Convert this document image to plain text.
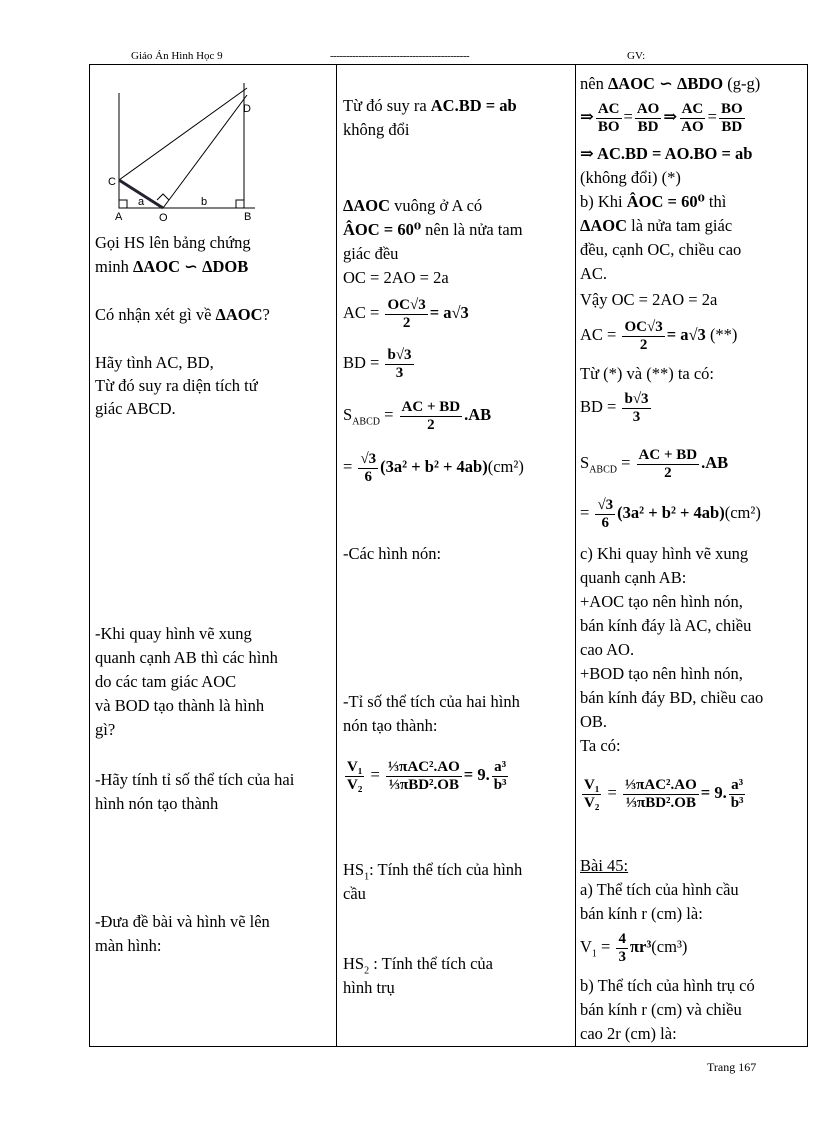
Giáo Án Hình Học 9	--------------------------------------------	GV:
C
D
A	O	B
a	b
Gọi HS lên bảng chứng
minh ΔAOC ∽ ΔDOB
Có nhận xét gì về ΔAOC?
Hãy tình AC, BD,
Từ đó suy ra diện tích tứ
giác ABCD.
-Khi quay hình vẽ xung
quanh cạnh AB thì các hình
do các tam giác AOC
và BOD tạo thành là hình
gì?
-Hãy tính tỉ số thể tích của hai
hình nón tạo thành
-Đưa đề bài và hình vẽ lên
màn hình:
Từ đó suy ra AC.BD = ab
không đổi
ΔAOC vuông ở A có
ÂOC = 60⁰ nên là nửa tam
giác đều
OC = 2AO = 2a
AC = $\frac{OC√3}{2} = a√3$
BD = $\frac{b√3}{3}$
$S_{ABCD} = \frac{AC + BD}{2} .AB$
= $\frac{√3}{6} (3a^2 + b^2 + 4ab)(cm^2)$
-Các hình nón:
-Tỉ số thể tích của hai hình
nón tạo thành:
$\frac{\text{V₁}}{\text{V₂}} = \frac{\text{⅓πAC².AO}}{\text{⅓πBD².OB}} = 9$. $\frac{\text{a³}}{\text{b³}}$
$HS_1$: Tính thể tích của hình
cầu
$HS_2$ : Tính thể tích của
hình trụ
nên ΔAOC ∽ ΔBDO (g-g)
⇒ $\frac{AC}{BO} = \frac{AO}{BD}$ ⇒ $\frac{AC}{AO} = \frac{BO}{BD}$
⇒ AC.BD = AO.BO = ab
(không đổi) (*)
b) Khi ÂOC = 60⁰ thì
ΔAOC là nửa tam giác
đều, cạnh OC, chiều cao
AC.
Vậy OC = 2AO = 2a
AC = $\frac{OC√3}{2} = a√3$ (**)
Từ (*) và (**) ta có:
BD = $\frac{b√3}{3}$
$S_{ABCD} = \frac{AC + BD}{2} .AB$
= $\frac{√3}{6} (3a^2 + b^2 + 4ab)(cm^2)$
c) Khi quay hình vẽ xung
quanh cạnh AB:
+AOC tạo nên hình nón,
bán kính đáy là AC, chiều
cao AO.
+BOD tạo nên hình nón,
bán kính đáy BD, chiều cao
OB.
Ta có:
$\frac{\text{V₁}}{\text{V₂}} = \frac{\text{⅓πAC².AO}}{\text{⅓πBD².OB}} = 9$. $\frac{\text{a³}}{\text{b³}}$
Bài 45:
a) Thể tích của hình cầu
bán kính r (cm) là:
$V_1 = \frac{4}{3} \pi r^3(cm^3)$
b) Thể tích của hình trụ có
bán kính r (cm) và chiều
cao 2r (cm) là:
Trang 167
